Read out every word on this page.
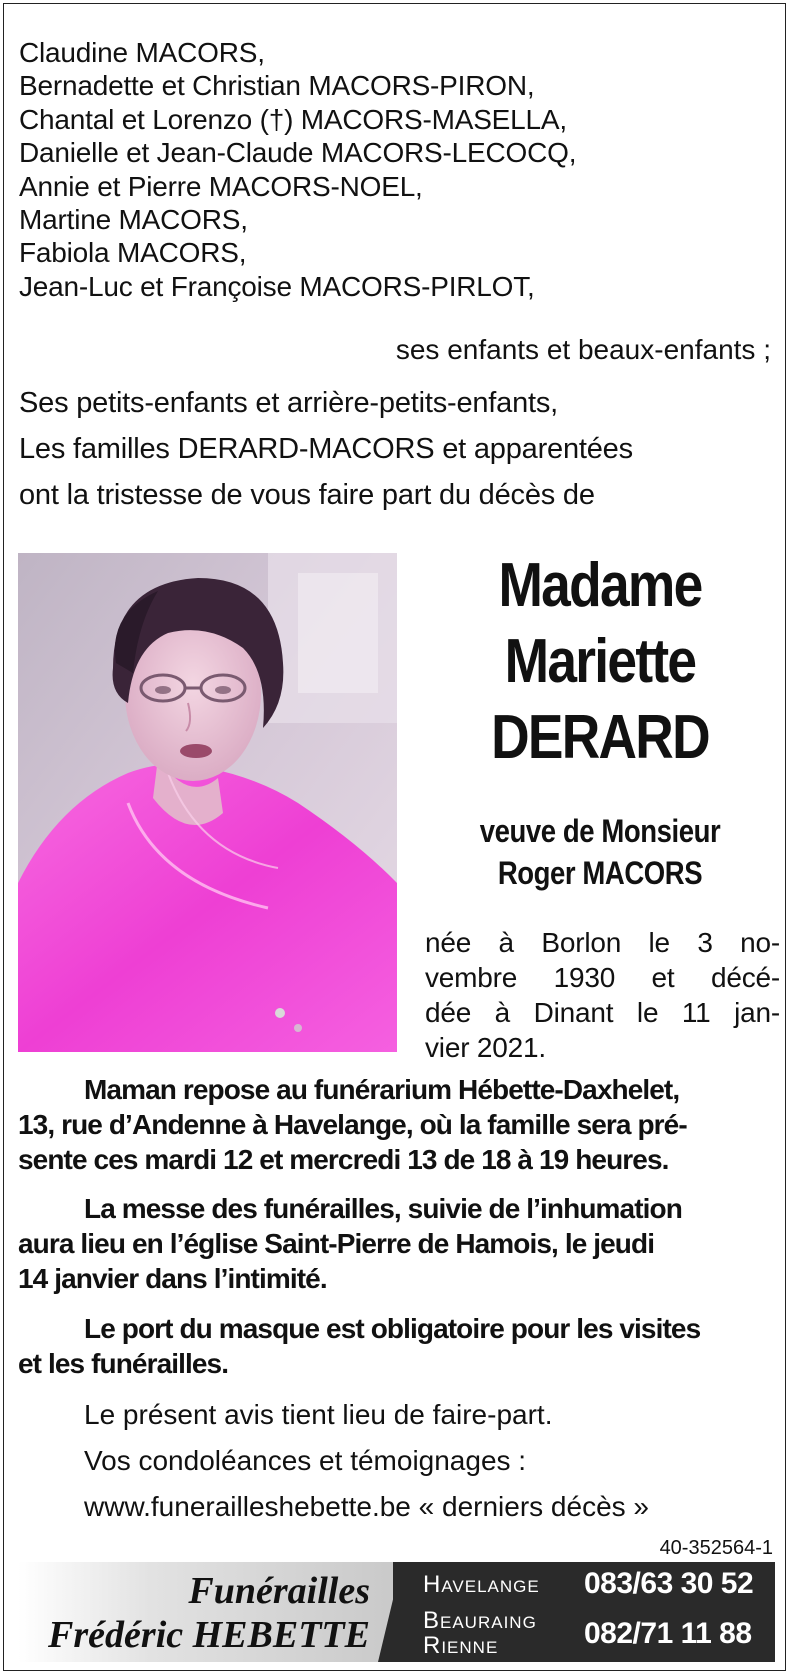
Claudine MACORS,
Bernadette et Christian MACORS-PIRON,
Chantal et Lorenzo (†) MACORS-MASELLA,
Danielle et Jean-Claude MACORS-LECOCQ,
Annie et Pierre MACORS-NOEL,
Martine MACORS,
Fabiola MACORS,
Jean-Luc et Françoise MACORS-PIRLOT,
ses enfants et beaux-enfants ;
Ses petits-enfants et arrière-petits-enfants,
Les familles DERARD-MACORS et apparentées
ont la tristesse de vous faire part du décès de
Madame
Mariette
DERARD
veuve de Monsieur
Roger MACORS
née à Borlon le 3 no-
vembre 1930 et décé-
dée à Dinant le 11 jan-
vier 2021.
Maman repose au funérarium Hébette-Daxhelet,
13, rue d’Andenne à Havelange, où la famille sera pré-
sente ces mardi 12 et mercredi 13 de 18 à 19 heures.
La messe des funérailles, suivie de l’inhumation
aura lieu en l’église Saint-Pierre de Hamois, le jeudi
14 janvier dans l’intimité.
Le port du masque est obligatoire pour les visites
et les funérailles.
Le présent avis tient lieu de faire-part.
Vos condoléances et témoignages :
www.funerailleshebette.be « derniers décès »
40-352564-1
Funérailles
Frédéric HEBETTE
Havelange 083/63 30 52
Beauraing
Rienne	082/71 11 88
